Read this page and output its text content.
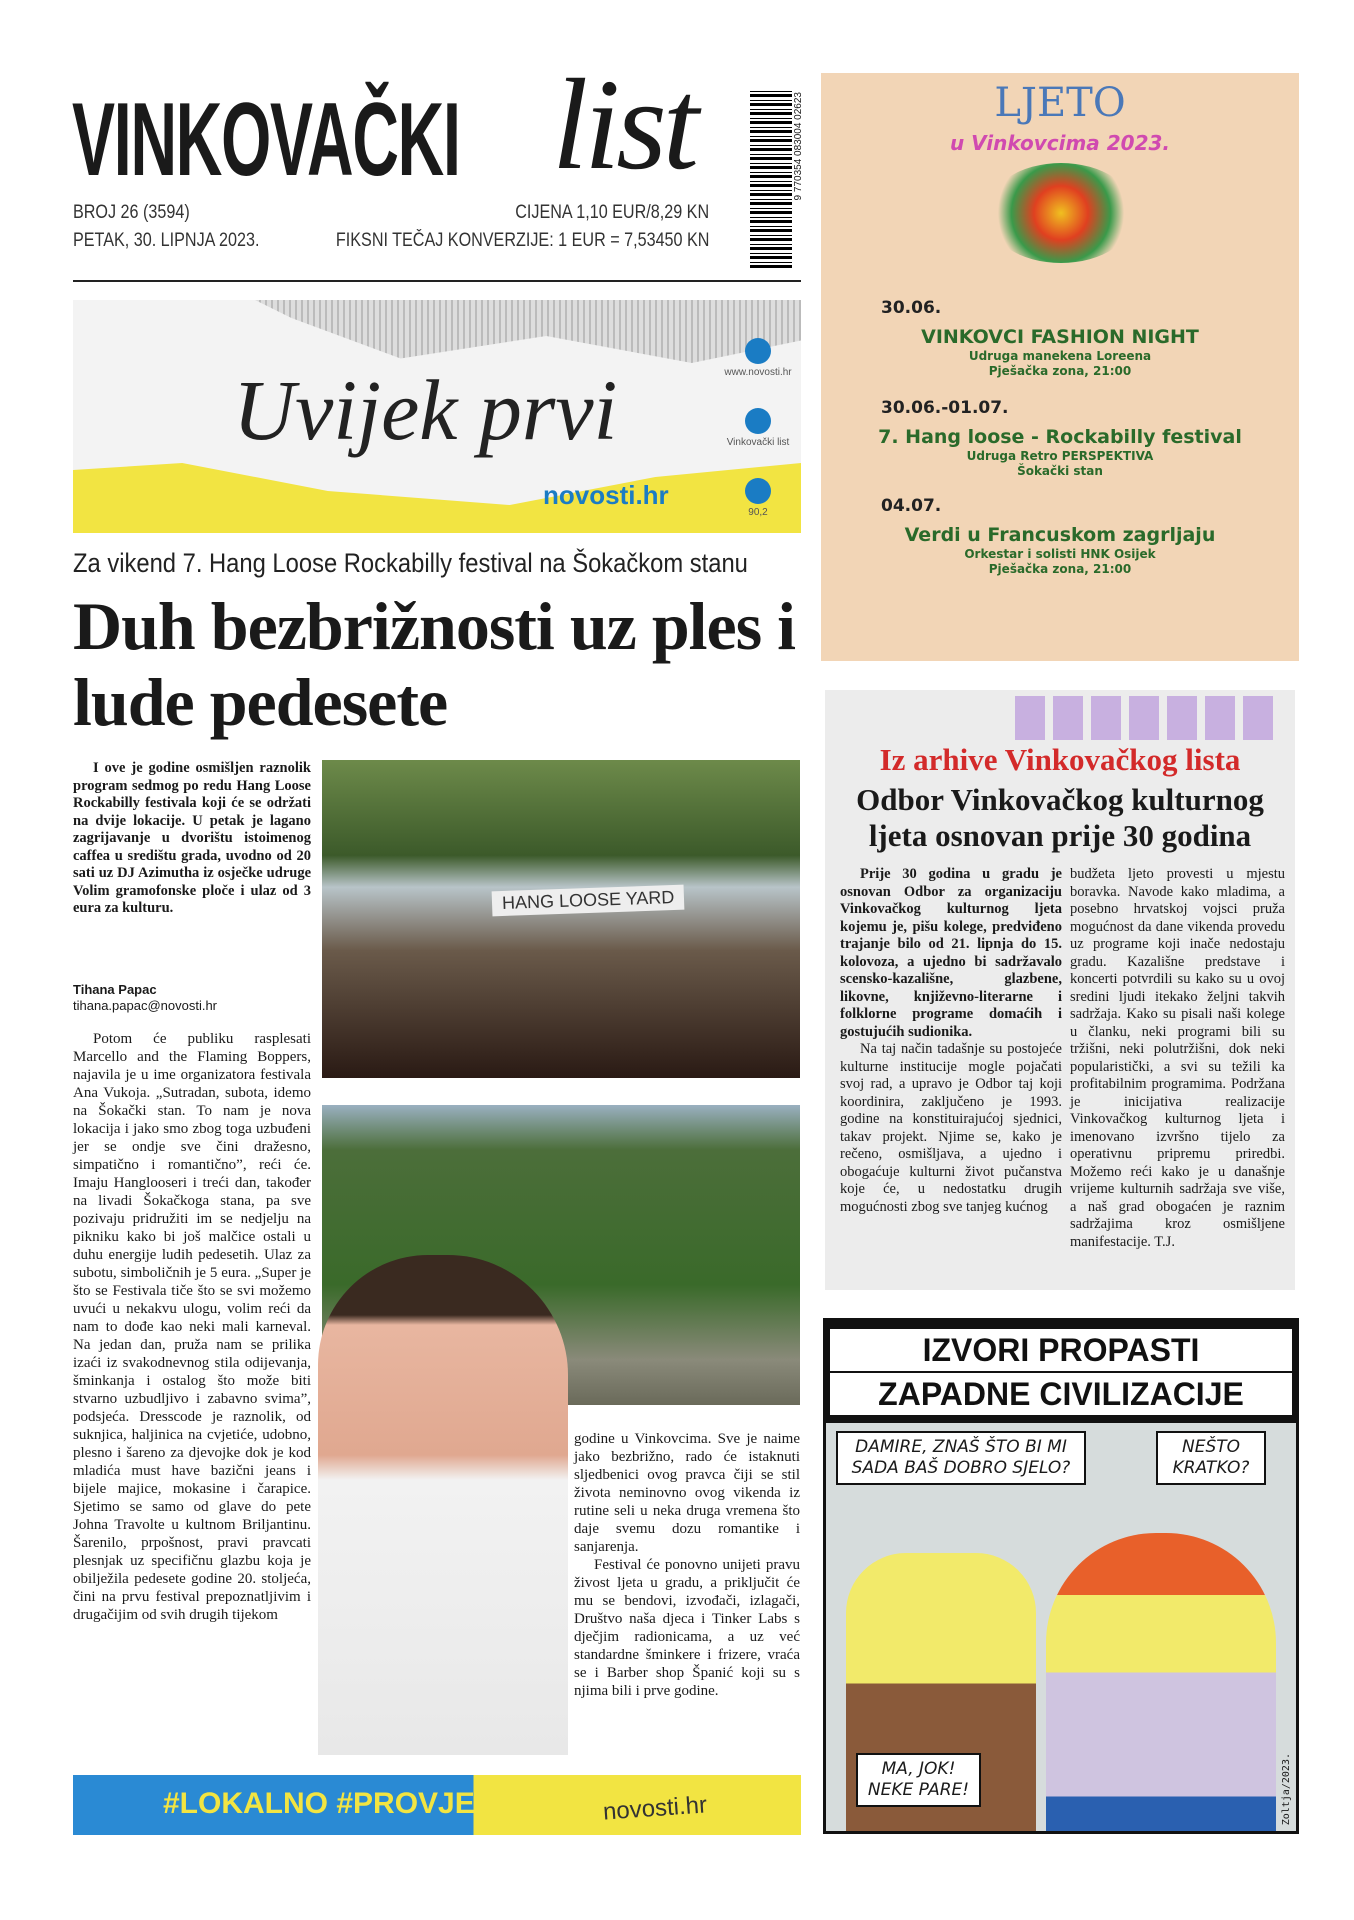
VINKOVAČKI list
BROJ 26 (3594)
PETAK, 30. LIPNJA 2023.
CIJENA 1,10 EUR/8,29 KN
FIKSNI TEČAJ KONVERZIJE: 1 EUR = 7,53450 KN
9 770354 083004 02623
Uvijek prvi
novosti.hr
www.novosti.hr
Vinkovački list
90,2
Za vikend 7. Hang Loose Rockabilly festival na Šokačkom stanu
Duh bezbrižnosti uz ples i lude pedesete

I ove je godine osmišljen raznolik program sedmog po redu Hang Loose Rockabilly festivala koji će se održati na dvije lokacije. U petak je lagano zagrijavanje u dvorištu istoimenog caffea u središtu grada, uvodno od 20 sati uz DJ Azimutha iz osječke udruge Volim gramofonske ploče i ulaz od 3 eura za kulturu.

Tihana Papac
tihana.papac@novosti.hr

Potom će publiku rasplesati Marcello and the Flaming Boppers, najavila je u ime organizatora festivala Ana Vukoja. „Sutradan, subota, idemo na Šokački stan. To nam je nova lokacija i jako smo zbog toga uzbuđeni jer se ondje sve čini dražesno, simpatično i romantično”, reći će. Imaju Hanglooseri i treći dan, također na livadi Šokačkoga stana, pa sve pozivaju pridružiti im se nedjelju na pikniku kako bi još malčice ostali u duhu energije ludih pedesetih. Ulaz za subotu, simboličnih je 5 eura. „Super je što se Festivala tiče što se svi možemo uvući u nekakvu ulogu, volim reći da nam to dođe kao neki mali karneval. Na jedan dan, pruža nam se prilika izaći iz svakodnevnog stila odijevanja, šminkanja i ostalog što može biti stvarno uzbudljivo i zabavno svima”, podsjeća. Dresscode je raznolik, od suknjica, haljinica na cvjetiće, udobno, plesno i šareno za djevojke dok je kod mladića must have bazični jeans i bijele majice, mokasine i čarapice. Sjetimo se samo od glave do pete Johna Travolte u kultnom Briljantinu. Šarenilo, prpošnost, pravi pravcati plesnjak uz specifičnu glazbu koja je obilježila pedesete godine 20. stoljeća, čini na prvu festival prepoznatljivim i drugačijim od svih drugih tijekom

HANG LOOSE YARD

godine u Vinkovcima. Sve je naime jako bezbrižno, rado će istaknuti sljedbenici ovog pravca čiji se stil života neminovno ovog vikenda iz rutine seli u neka druga vremena što daje svemu dozu romantike i sanjarenja.

Festival će ponovno unijeti pravu živost ljeta u gradu, a priključit će mu se bendovi, izvođači, izlagači, Društvo naša djeca i Tinker Labs s dječjim radionicama, a uz već standardne šminkere i frizere, vraća se i Barber shop Španić koji su s njima bili i prve godine.

#LOKALNO #PROVJERENO novosti.hr
LJETO
u Vinkovcima 2023.
30.06.
VINKOVCI FASHION NIGHT
Udruga manekena Loreena
Pješačka zona, 21:00
30.06.-01.07.
7. Hang loose - Rockabilly festival
Udruga Retro PERSPEKTIVA
Šokački stan
04.07.
Verdi u Francuskom zagrljaju
Orkestar i solisti HNK Osijek
Pješačka zona, 21:00
Iz arhive Vinkovačkog lista
Odbor Vinkovačkog kulturnog ljeta osnovan prije 30 godina
Prije 30 godina u gradu je osnovan Odbor za organizaciju Vinkovačkog kulturnog ljeta kojemu je, pišu kolege, predviđeno trajanje bilo od 21. lipnja do 15. kolovoza, a ujedno bi sadržavalo scensko-kazališne, glazbene, likovne, književno-literarne i folklorne programe domaćih i gostujućih sudionika.
Na taj način tadašnje su postojeće kulturne institucije mogle pojačati svoj rad, a upravo je Odbor taj koji koordinira, zaključeno je 1993. godine na konstituirajućoj sjednici, takav projekt. Njime se, kako je rečeno, osmišljava, a ujedno i obogaćuje kulturni život pučanstva koje će, u nedostatku drugih mogućnosti zbog sve tanjeg kućnog
budžeta ljeto provesti u mjestu boravka. Navode kako mladima, a posebno hrvatskoj vojsci pruža mogućnost da dane vikenda provedu uz programe koji inače nedostaju gradu. Kazališne predstave i koncerti potvrdili su kako su u ovoj sredini ljudi itekako željni takvih sadržaja. Kako su pisali naši kolege u članku, neki programi bili su tržišni, neki polutržišni, dok neki popularistički, a svi su težili ka profitabilnim programima. Podržana je inicijativa realizacije Vinkovačkog kulturnog ljeta i imenovano izvršno tijelo za operativnu pripremu priredbi. Možemo reći kako je u današnje vrijeme kulturnih sadržaja sve više, a naš grad obogaćen je raznim sadržajima kroz osmišljene manifestacije. T.J.
IZVORI PROPASTI
ZAPADNE CIVILIZACIJE
DAMIRE, ZNAŠ ŠTO BI MI SADA BAŠ DOBRO SJELO?
NEŠTO KRATKO?
MA, JOK! NEKE PARE!	Zoltja/2023.
